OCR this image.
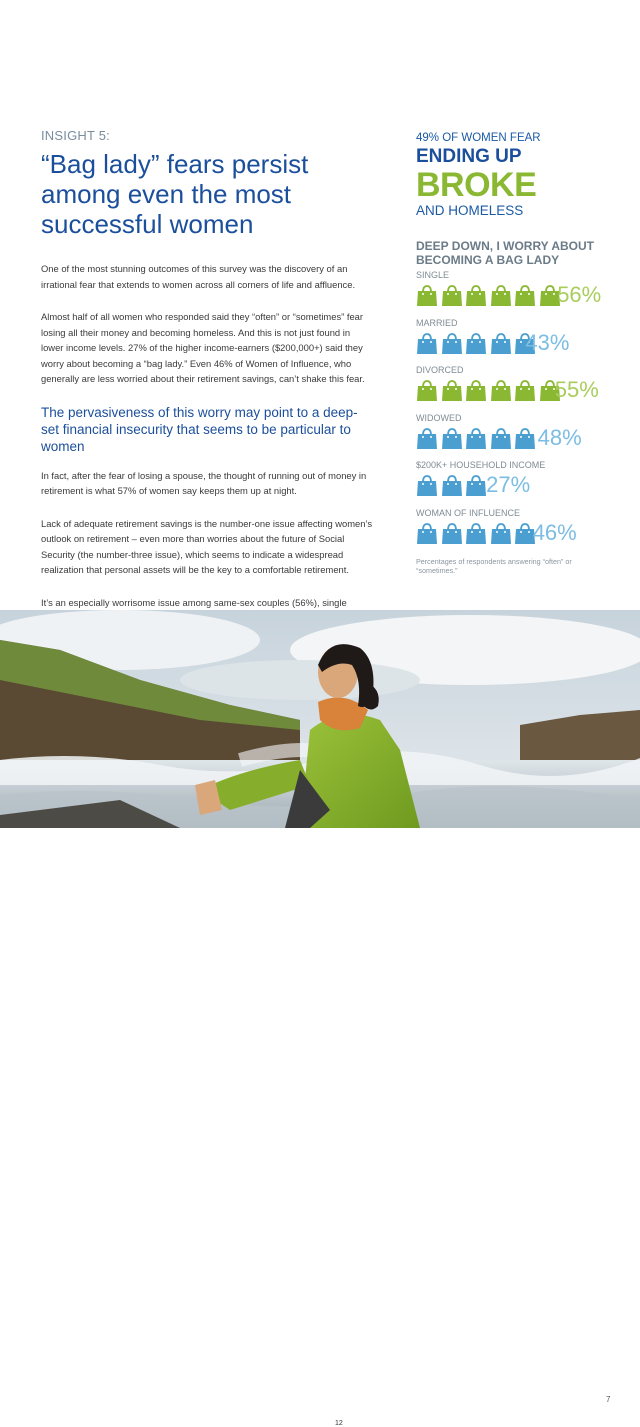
INSIGHT 5:

“Bag lady” fears persist among even the most successful women

One of the most stunning outcomes of this survey was the discovery of an irrational fear that extends to women across all corners of life and affluence.

Almost half of all women who responded said they “often” or “sometimes” fear losing all their money and becoming homeless. And this is not just found in lower income levels. 27% of the higher income-earners ($200,000+) said they worry about becoming a “bag lady.” Even 46% of Women of Influence, who generally are less worried about their retirement savings, can’t shake this fear.

The pervasiveness of this worry may point to a deep-set financial insecurity that seems to be particular to women

In fact, after the fear of losing a spouse, the thought of running out of money in retirement is what 57% of women say keeps them up at night.

Lack of adequate retirement savings is the number-one issue affecting women’s outlook on retirement – even more than worries about the future of Social Security (the number-three issue), which seems to indicate a widespread realization that personal assets will be the key to a comfortable retirement.

It’s an especially worrisome issue among same-sex couples (56%), single

49% OF WOMEN FEAR

ENDING UP

BROKE

AND HOMELESS

DEEP DOWN, I WORRY ABOUT BECOMING A BAG LADY
SINGLE
56%
MARRIED
43%
DIVORCED
55%
WIDOWED
48%
$200K+ HOUSEHOLD INCOME
27%
WOMAN OF INFLUENCE
46%
Percentages of respondents answering “often” or “sometimes.”
7
12
